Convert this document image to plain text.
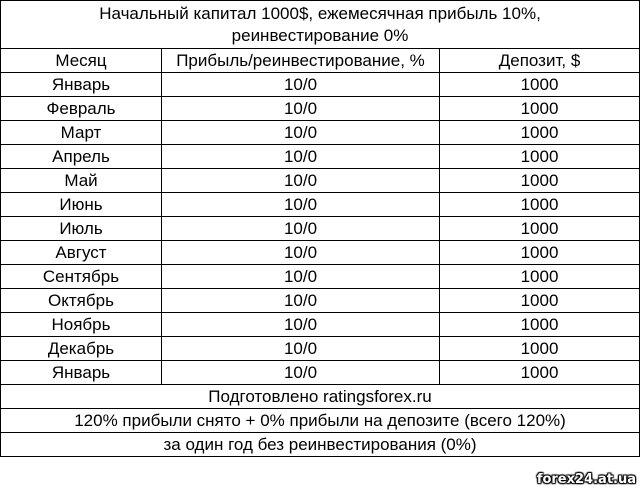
Начальный капитал 1000$, ежемесячная прибыль 10%,
реинвестирование 0%		

Месяц	Прибыль/реинвестирование, %	Депозит, $
Январь	10/0	1000
Февраль	10/0	1000
Март	10/0	1000
Апрель	10/0	1000
Май	10/0	1000
Июнь	10/0	1000
Июль	10/0	1000
Август	10/0	1000
Сентябрь	10/0	1000
Октябрь	10/0	1000
Ноябрь	10/0	1000
Декабрь	10/0	1000
Январь	10/0	1000
Подготовлено ratingsforex.ru		
120% прибыли снято + 0% прибыли на депозите (всего 120%)		
за один год без реинвестирования (0%)		
forex24.at.ua
